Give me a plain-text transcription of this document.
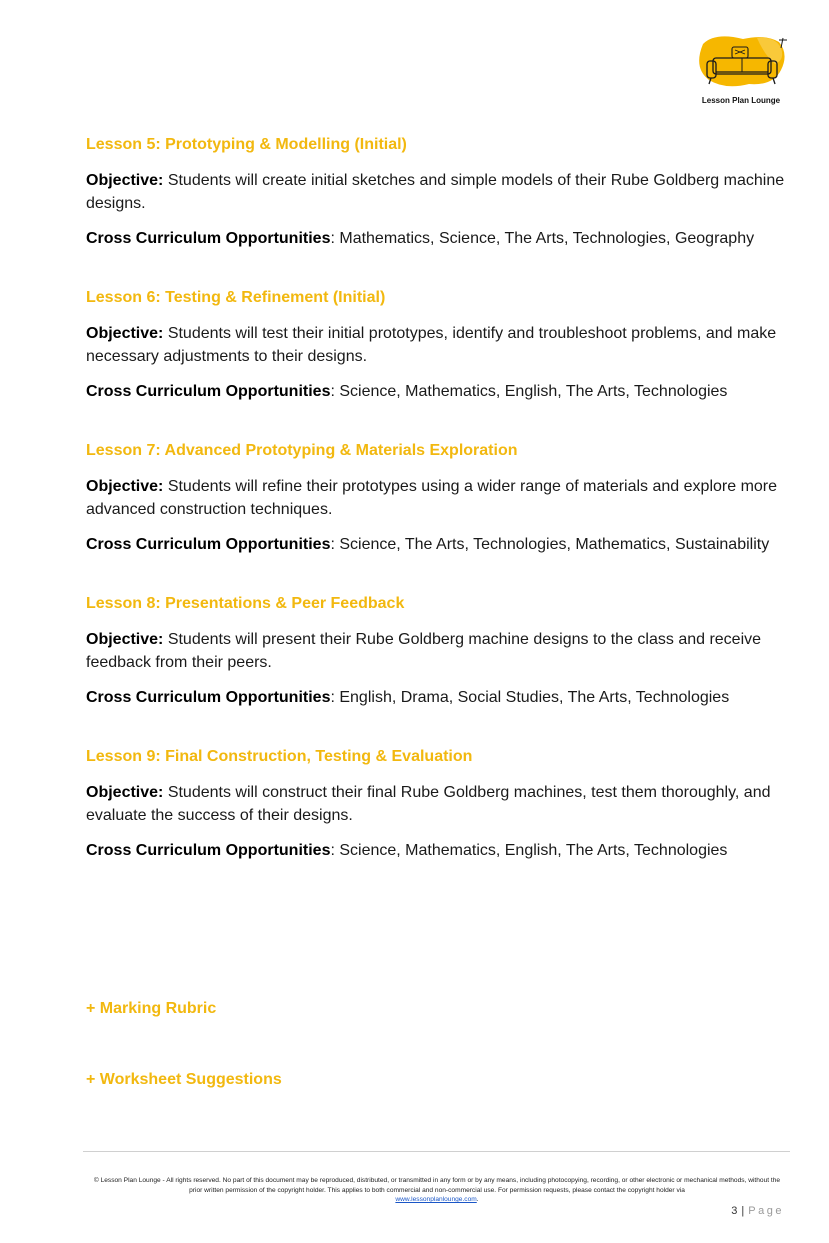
Lesson Plan Lounge
Lesson 5: Prototyping & Modelling (Initial)

Objective: Students will create initial sketches and simple models of their Rube Goldberg machine designs.

Cross Curriculum Opportunities: Mathematics, Science, The Arts, Technologies, Geography

Lesson 6: Testing & Refinement (Initial)

Objective: Students will test their initial prototypes, identify and troubleshoot problems, and make necessary adjustments to their designs.

Cross Curriculum Opportunities: Science, Mathematics, English, The Arts, Technologies

Lesson 7: Advanced Prototyping & Materials Exploration

Objective: Students will refine their prototypes using a wider range of materials and explore more advanced construction techniques.

Cross Curriculum Opportunities: Science, The Arts, Technologies, Mathematics, Sustainability

Lesson 8: Presentations & Peer Feedback

Objective: Students will present their Rube Goldberg machine designs to the class and receive feedback from their peers.

Cross Curriculum Opportunities: English, Drama, Social Studies, The Arts, Technologies

Lesson 9: Final Construction, Testing & Evaluation

Objective: Students will construct their final Rube Goldberg machines, test them thoroughly, and evaluate the success of their designs.

Cross Curriculum Opportunities: Science, Mathematics, English, The Arts, Technologies

+ Marking Rubric
+ Worksheet Suggestions
© Lesson Plan Lounge - All rights reserved. No part of this document may be reproduced, distributed, or transmitted in any form or by any means, including photocopying, recording, or other electronic or mechanical methods, without the prior written permission of the copyright holder. This applies to both commercial and non-commercial use. For permission requests, please contact the copyright holder via
www.lessonplanlounge.com.
3 | Page
